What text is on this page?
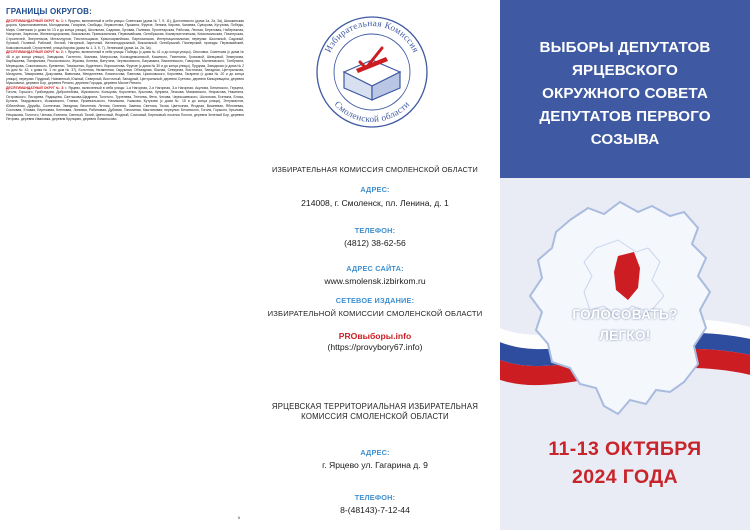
ГРАНИЦЫ ОКРУГОВ:

ДЕСЯТИМАНДАТНЫЙ ОКРУГ № 1: г. Ярцево, включенный в себя улицы: Советская (дома № 7, 9, 11), Достоевского (дома 1а, 2а, 3а), Шишкинская дорога, Краснознаменная, Молодежная, Гагарина, Свободы, Лермонтова, Пушкина, Фрунзе, Ленина, Кирова, Чапаева, Суворова, Кутузова, Победы, Мира, Советская (с дома № 13 и до конца улицы), Школьная, Садовая, Луговая, Полевая, Пролетарская, Рабочая, Лесная, Береговая, Набережная, Нагорная, Заречная, Железнодорожная, Вокзальная, Привокзальная, Первомайская, Октябрьская, Коммунистическая, Комсомольская, Пионерская, Строителей, Энергетиков, Металлургов, Текстильщиков, Красноармейская, Партизанская, Интернациональная; переулки: Школьный, Садовый, Луговой, Полевой, Рабочий, Лесной, Нагорный, Заречный, Железнодорожный, Вокзальный, Октябрьский, Пионерский; проезды: Первомайский, Комсомольский, Строителей; улица Кирова (дома № 1, 3, 5, 7), Ленинский (дома 1а, 2а, 3а).

ДЕСЯТИМАНДАТНЫЙ ОКРУГ № 2: г. Ярцево, включенный в себя улицы: Победы (с дома № 41 и до конца улицы), Ольховка, Советская (с дома № 48 и до конца улицы), Заводская, Гастелло, Чкалова, Матросова, Космодемьянской, Кошевого, Тюленина, Громовой, Шевцовой, Земнухова, Карбышева, Панфилова, Рокоссовского, Жукова, Конева, Ватутина, Черняховского, Баграмяна, Василевского, Говорова, Малиновского, Толбухина, Мерецкова, Соколовского, Еременко, Тимошенко, Буденного, Ворошилова, Фрунзе (с дома № 30 и до конца улицы), Прудная, Заводская (с дома № 2 по дом № 42, с дома № 1 по дом № 37), Болотная, Низменная, Окружная, Объездная, Южная, Северная, Восточная, Западная, Центральная, Мичурина, Тимирязева, Докучаева, Вавилова, Менделеева, Ломоносова, Павлова, Циолковского, Королева, Гагарина (с дома № 20 и до конца улицы); переулки: Прудный, Низменный, Южный, Северный, Восточный, Западный, Центральный; деревня Суетово, деревня Капыревщина, деревня Мушковичи, деревня Бор, деревня Репино, деревня Городок, деревня Малое Репино.

ДЕСЯТИМАНДАТНЫЙ ОКРУГ № 3: г. Ярцево, включенный в себя улицы: 1-я Нагорная, 2-я Нагорная, 3-я Нагорная, Акулова, Белинского, Герцена, Гоголя, Горького, Грибоедова, Добролюбова, Жуковского, Кольцова, Короленко, Крылова, Куприна, Лескова, Маяковского, Некрасова, Никитина, Островского, Писарева, Радищева, Салтыкова-Щедрина, Толстого, Тургенева, Тютчева, Фета, Чехова, Чернышевского, Шолохова, Есенина, Блока, Бунина, Твардовского, Исаковского, Глинки, Пржевальского, Нахимова, Ушакова, Кутузова (с дома № 15 и до конца улицы), Энтузиастов, Юбилейная, Дружбы, Солнечная, Звездная, Весенняя, Летняя, Осенняя, Зимняя, Светлая, Тихая, Цветочная, Ягодная, Вишневая, Яблоневая, Сосновая, Еловая, Березовая, Кленовая, Липовая, Рябиновая, Дубовая, Тополиная, Каштановая; переулки: Белинского, Гоголя, Горького, Крылова, Некрасова, Толстого, Чехова, Есенина, Светлый, Тихий, Цветочный, Ягодный, Сосновый, Березовый; поселок Пологи, деревня Зеленый Бор, деревня Петрово, деревня Ивановка, деревня Крупцово, деревня Ломоносово.

6
Избирательная Комиссия
Смоленской области
ИЗБИРАТЕЛЬНАЯ КОМИССИЯ СМОЛЕНСКОЙ ОБЛАСТИ
АДРЕС:
214008, г. Смоленск, пл. Ленина, д. 1
ТЕЛЕФОН:
(4812) 38-62-56
АДРЕС САЙТА:
www.smolensk.izbirkom.ru
СЕТЕВОЕ ИЗДАНИЕ:
ИЗБИРАТЕЛЬНОЙ КОМИССИИ СМОЛЕНСКОЙ ОБЛАСТИ
PROвыборы.info
(https://provybory67.info)
ЯРЦЕВСКАЯ ТЕРРИТОРИАЛЬНАЯ ИЗБИРАТЕЛЬНАЯ КОМИССИЯ СМОЛЕНСКОЙ ОБЛАСТИ
АДРЕС:
г. Ярцево ул. Гагарина д. 9
ТЕЛЕФОН:
8-(48143)-7-12-44
ВЫБОРЫ ДЕПУТАТОВ
ЯРЦЕВСКОГО
ОКРУЖНОГО СОВЕТА
ДЕПУТАТОВ ПЕРВОГО
СОЗЫВА
ГОЛОСОВАТЬ?
ЛЕГКО!
11-13 ОКТЯБРЯ
2024 ГОДА
